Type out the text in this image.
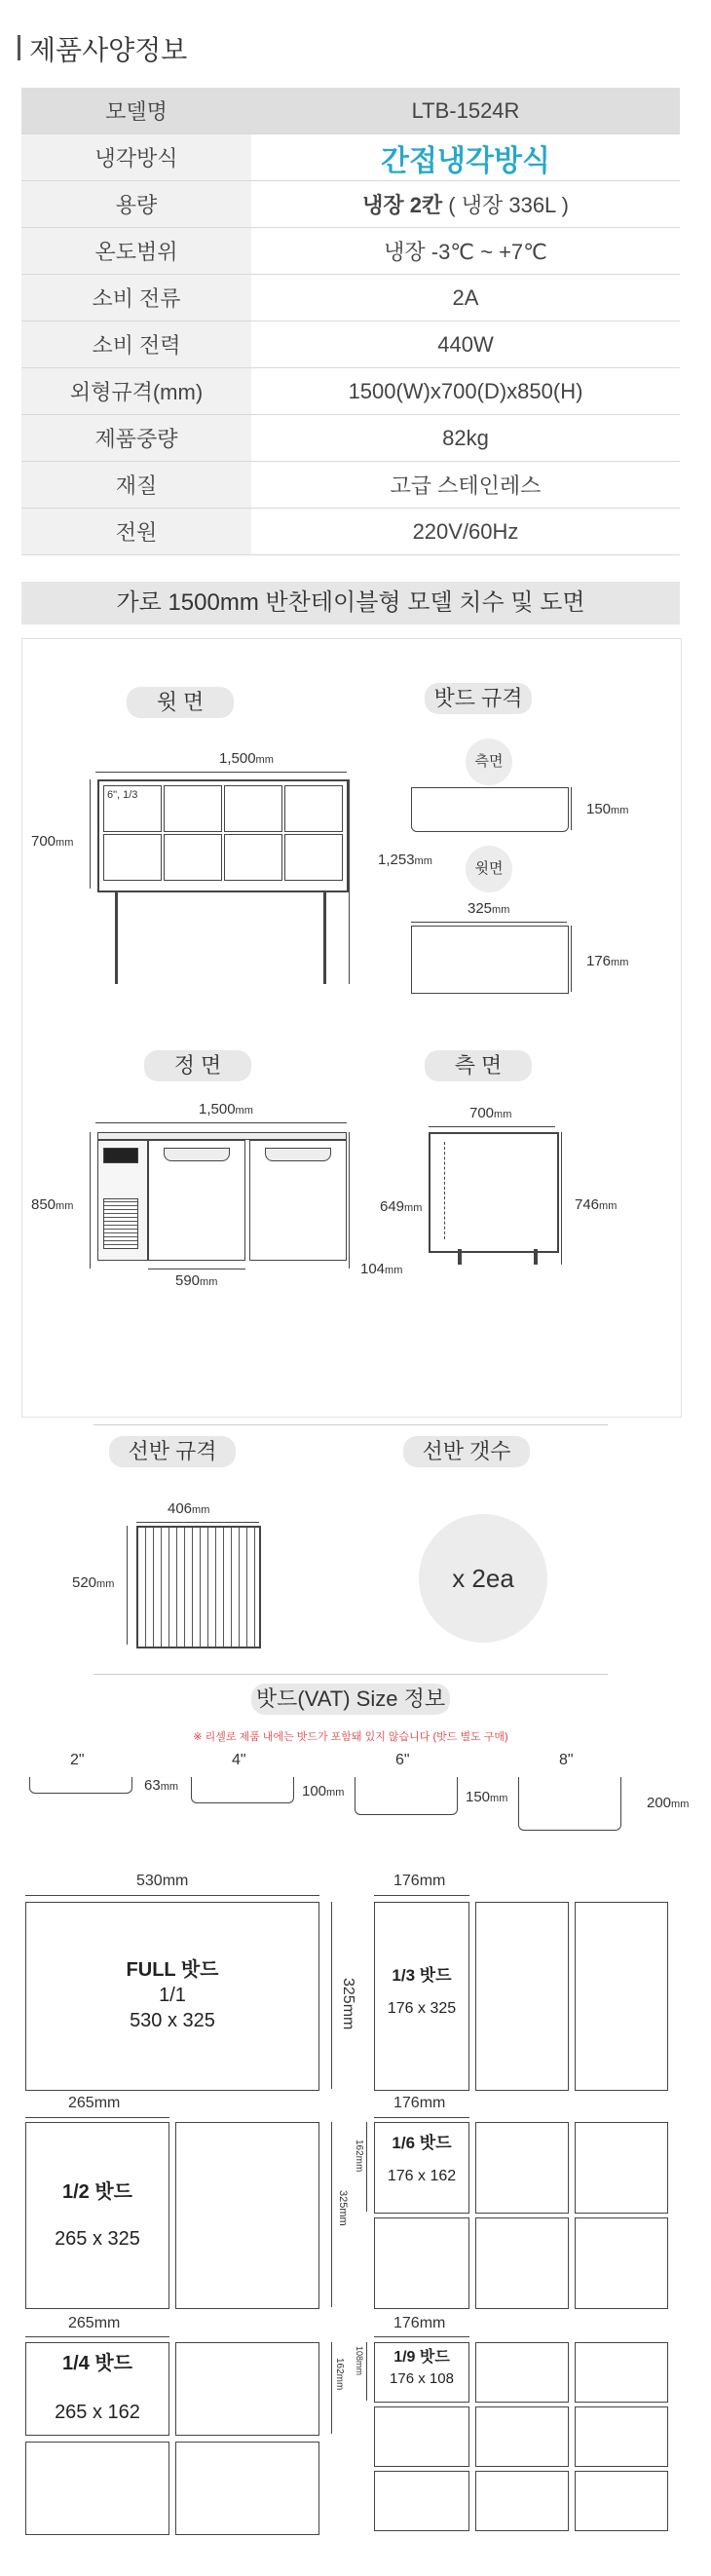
제품사양정보
모델명	LTB-1524R
냉각방식	간접냉각방식
용량	냉장 2칸 ( 냉장 336L )
온도범위	냉장 -3℃ ~ +7℃
소비 전류	2A
소비 전력	440W
외형규격(mm)	1500(W)x700(D)x850(H)
제품중량	82kg
재질	고급 스테인레스
전원	220V/60Hz
가로 1500mm 반찬테이블형 모델 치수 및 도면
윗 면
1,500mm
6", 1/3
700mm
1,253mm
밧드 규격
측면
150mm
윗면
325mm
176mm
정 면
1,500mm
850mm	649mm
104mm
590mm
측 면
700mm
746mm
선반 규격	선반 갯수
406mm
520mm	x 2ea
밧드(VAT) Size 정보
※ 리셀로 제품 내에는 밧드가 포함돼 있지 않습니다 (밧드 별도 구매)
2"
63mm
4"
100mm
6"
150mm
8"
200mm
530mm
FULL 밧드
1/1
530 x 325	325mm
176mm
1/3 밧드
176 x 325
265mm
1/2 밧드
265 x 325
325mm
176mm
162mm	1/6 밧드
176 x 162
265mm
1/4 밧드
265 x 162
162mm
176mm
108mm	1/9 밧드
176 x 108
